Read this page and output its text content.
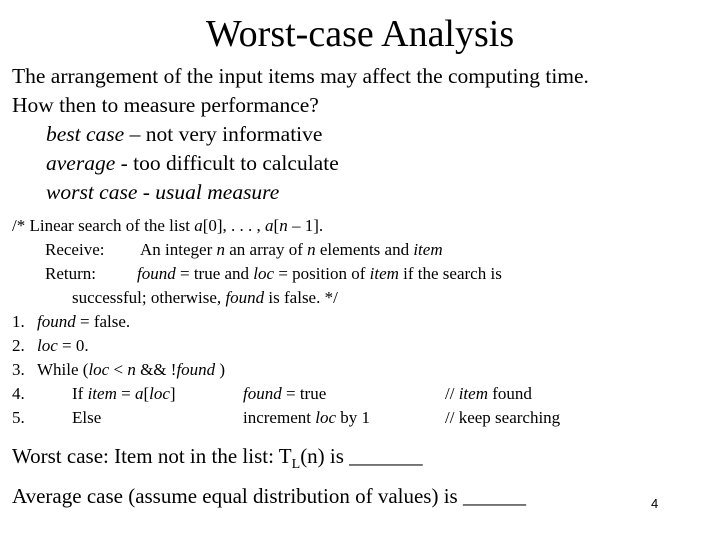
Worst-case Analysis
The arrangement of the input items may affect the computing time.
How then to measure performance?
best case – not very informative
average - too difficult to calculate
worst case - usual measure
/* Linear search of the list a[0], . . . , a[n – 1].
Receive: An integer n an array of n elements and item
Return: found = true and loc = position of item if the search is
successful; otherwise, found is false. */
1. found = false.
2. loc = 0.
3. While (loc < n && !found )
4.	If item = a[loc]	found = true	// item found
5.	Else	increment loc by 1	// keep searching
Worst case: Item not in the list: $T_L(n)$ is _______
Average case (assume equal distribution of values) is ______	4
